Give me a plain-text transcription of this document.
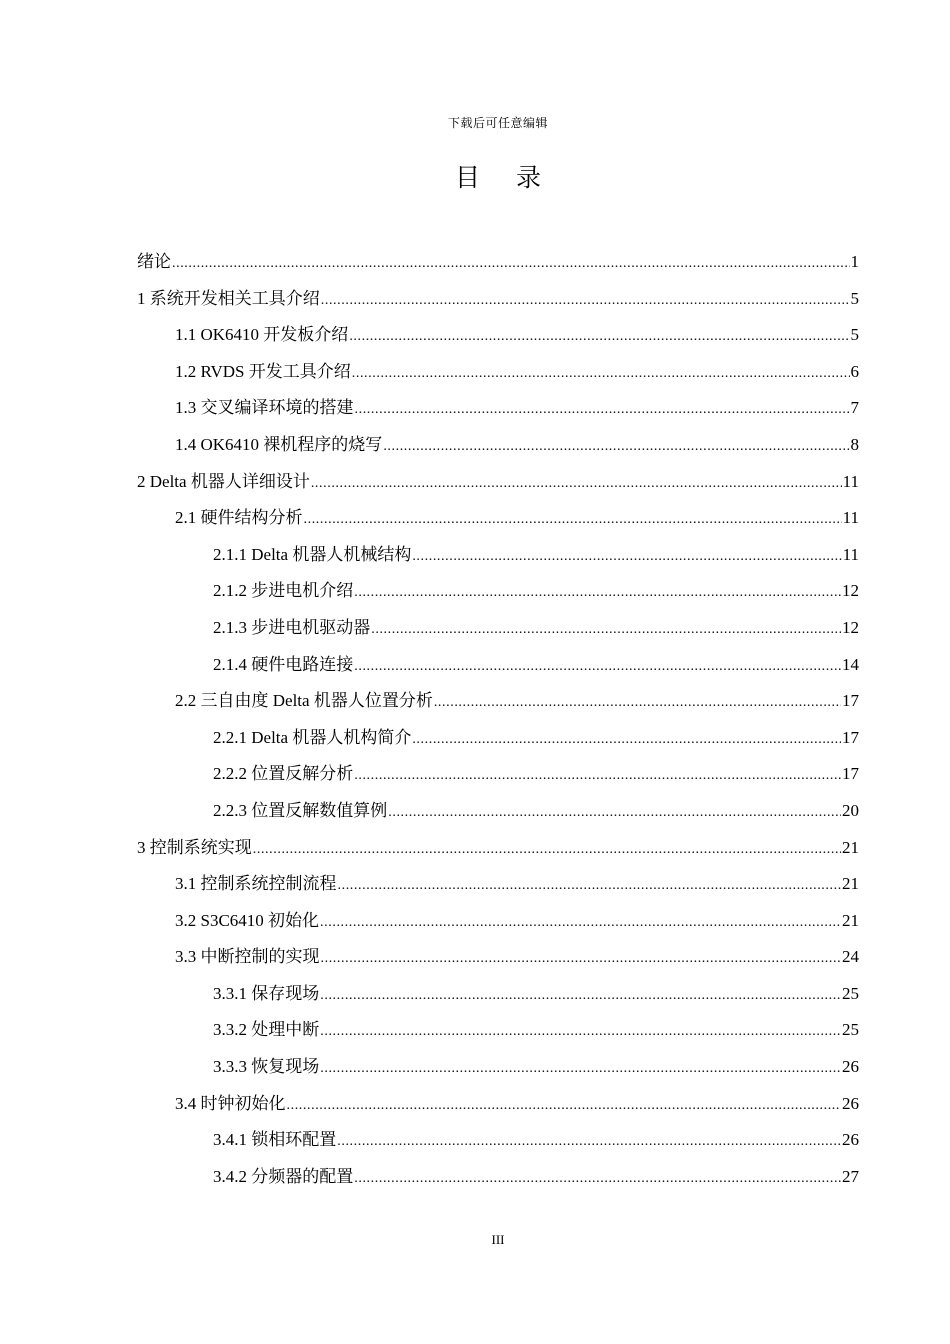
下载后可任意编辑
目 录
绪论 .....	1
1 系统开发相关工具介绍 .....	5
1.1 OK6410 开发板介绍 .....	5
1.2 RVDS 开发工具介绍 .....	6
1.3 交叉编译环境的搭建 .....	7
1.4 OK6410 裸机程序的烧写 .....	8
2 Delta 机器人详细设计 .....	11
2.1 硬件结构分析 .....	11
2.1.1 Delta 机器人机械结构 .....	11
2.1.2 步进电机介绍 .....	12
2.1.3 步进电机驱动器 .....	12
2.1.4 硬件电路连接 .....	14
2.2 三自由度 Delta 机器人位置分析 .....	17
2.2.1 Delta 机器人机构简介 .....	17
2.2.2 位置反解分析 .....	17
2.2.3 位置反解数值算例 .....	20
3 控制系统实现 .....	21
3.1 控制系统控制流程 .....	21
3.2 S3C6410 初始化 .....	21
3.3 中断控制的实现 .....	24
3.3.1 保存现场 .....	25
3.3.2 处理中断 .....	25
3.3.3 恢复现场 .....	26
3.4 时钟初始化 .....	26
3.4.1 锁相环配置 .....	26
3.4.2 分频器的配置 .....	27
III
